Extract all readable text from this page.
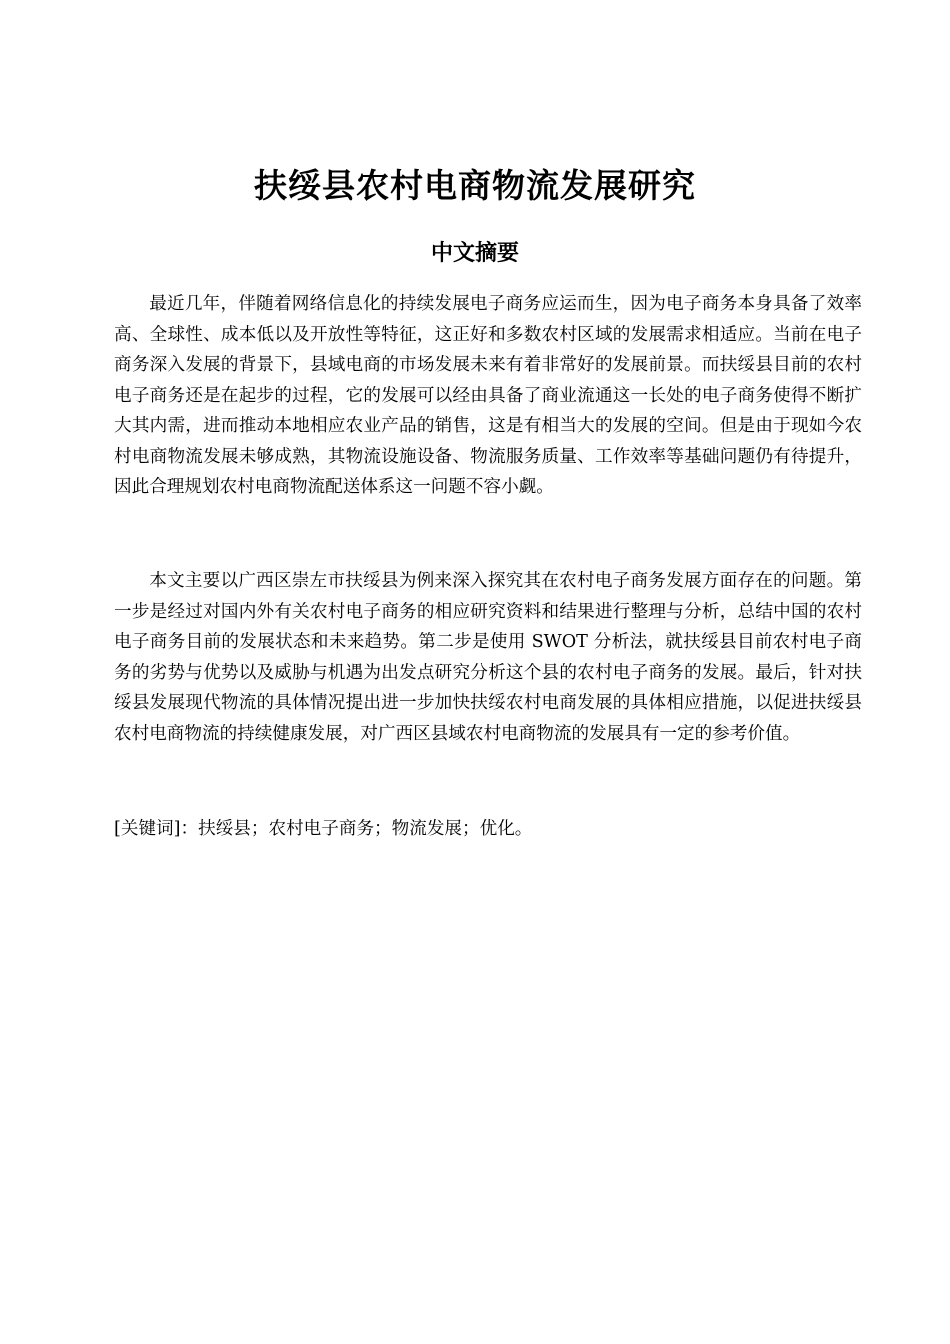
扶绥县农村电商物流发展研究
中文摘要

最近几年，伴随着网络信息化的持续发展电子商务应运而生，因为电子商务本身具备了效率高、全球性、成本低以及开放性等特征，这正好和多数农村区域的发展需求相适应。当前在电子商务深入发展的背景下，县域电商的市场发展未来有着非常好的发展前景。而扶绥县目前的农村电子商务还是在起步的过程，它的发展可以经由具备了商业流通这一长处的电子商务使得不断扩大其内需，进而推动本地相应农业产品的销售，这是有相当大的发展的空间。但是由于现如今农村电商物流发展未够成熟，其物流设施设备、物流服务质量、工作效率等基础问题仍有待提升，因此合理规划农村电商物流配送体系这一问题不容小觑。

本文主要以广西区崇左市扶绥县为例来深入探究其在农村电子商务发展方面存在的问题。第一步是经过对国内外有关农村电子商务的相应研究资料和结果进行整理与分析，总结中国的农村电子商务目前的发展状态和未来趋势。第二步是使用 SWOT 分析法，就扶绥县目前农村电子商务的劣势与优势以及威胁与机遇为出发点研究分析这个县的农村电子商务的发展。最后，针对扶绥县发展现代物流的具体情况提出进一步加快扶绥农村电商发展的具体相应措施，以促进扶绥县农村电商物流的持续健康发展，对广西区县域农村电商物流的发展具有一定的参考价值。

[关键词]：扶绥县；农村电子商务；物流发展；优化。
